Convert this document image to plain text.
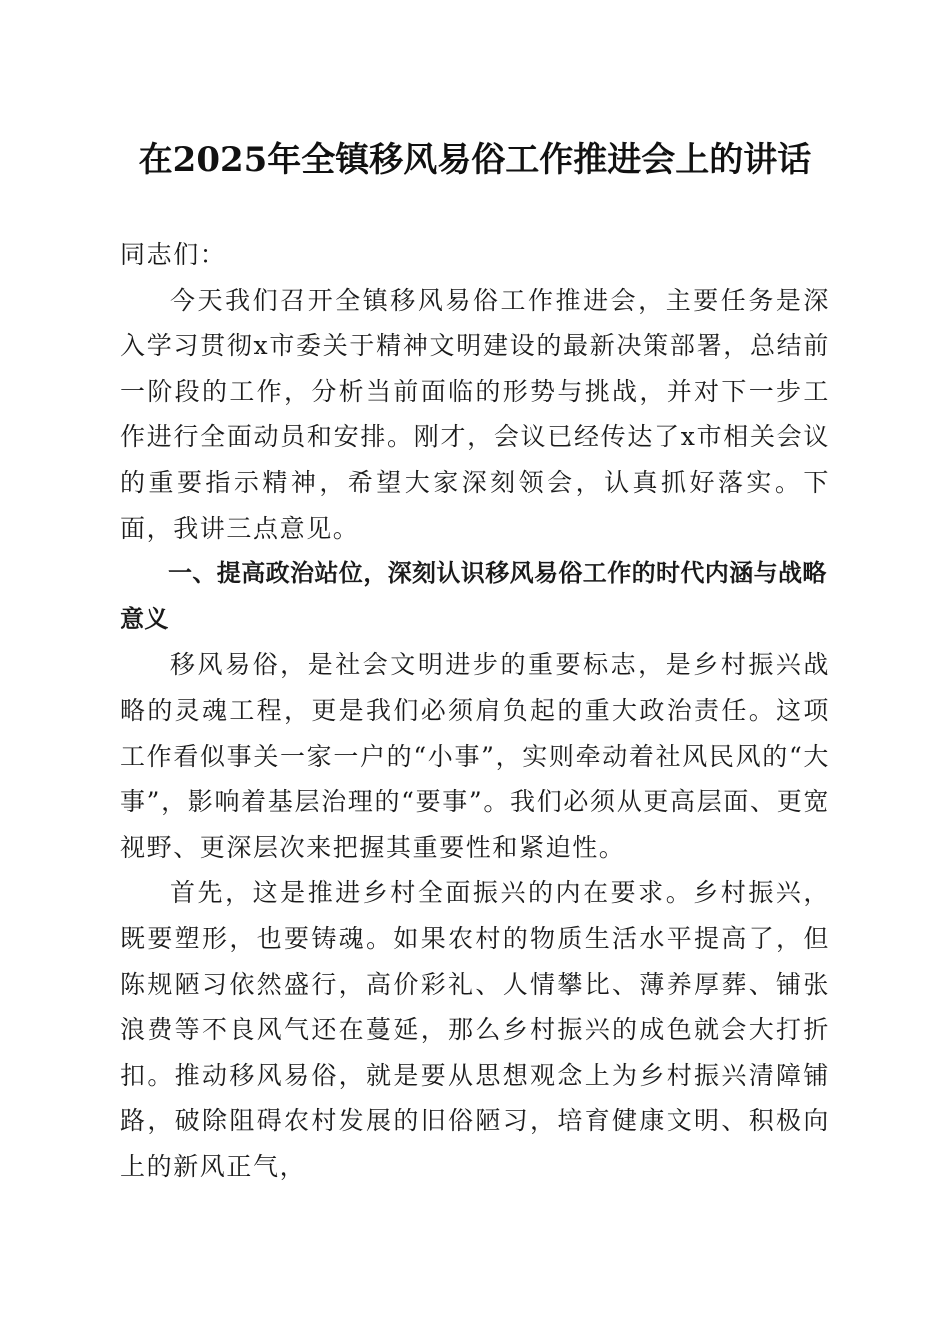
在2025年全镇移风易俗工作推进会上的讲话

同志们：

今天我们召开全镇移风易俗工作推进会，主要任务是深入学习贯彻x市委关于精神文明建设的最新决策部署，总结前一阶段的工作，分析当前面临的形势与挑战，并对下一步工作进行全面动员和安排。刚才，会议已经传达了x市相关会议的重要指示精神，希望大家深刻领会，认真抓好落实。下面，我讲三点意见。

一、提高政治站位，深刻认识移风易俗工作的时代内涵与战略意义

移风易俗，是社会文明进步的重要标志，是乡村振兴战略的灵魂工程，更是我们必须肩负起的重大政治责任。这项工作看似事关一家一户的“小事”，实则牵动着社风民风的“大事”，影响着基层治理的“要事”。我们必须从更高层面、更宽视野、更深层次来把握其重要性和紧迫性。

首先，这是推进乡村全面振兴的内在要求。乡村振兴，既要塑形，也要铸魂。如果农村的物质生活水平提高了，但陈规陋习依然盛行，高价彩礼、人情攀比、薄养厚葬、铺张浪费等不良风气还在蔓延，那么乡村振兴的成色就会大打折扣。推动移风易俗，就是要从思想观念上为乡村振兴清障铺路，破除阻碍农村发展的旧俗陋习，培育健康文明、积极向上的新风正气，
